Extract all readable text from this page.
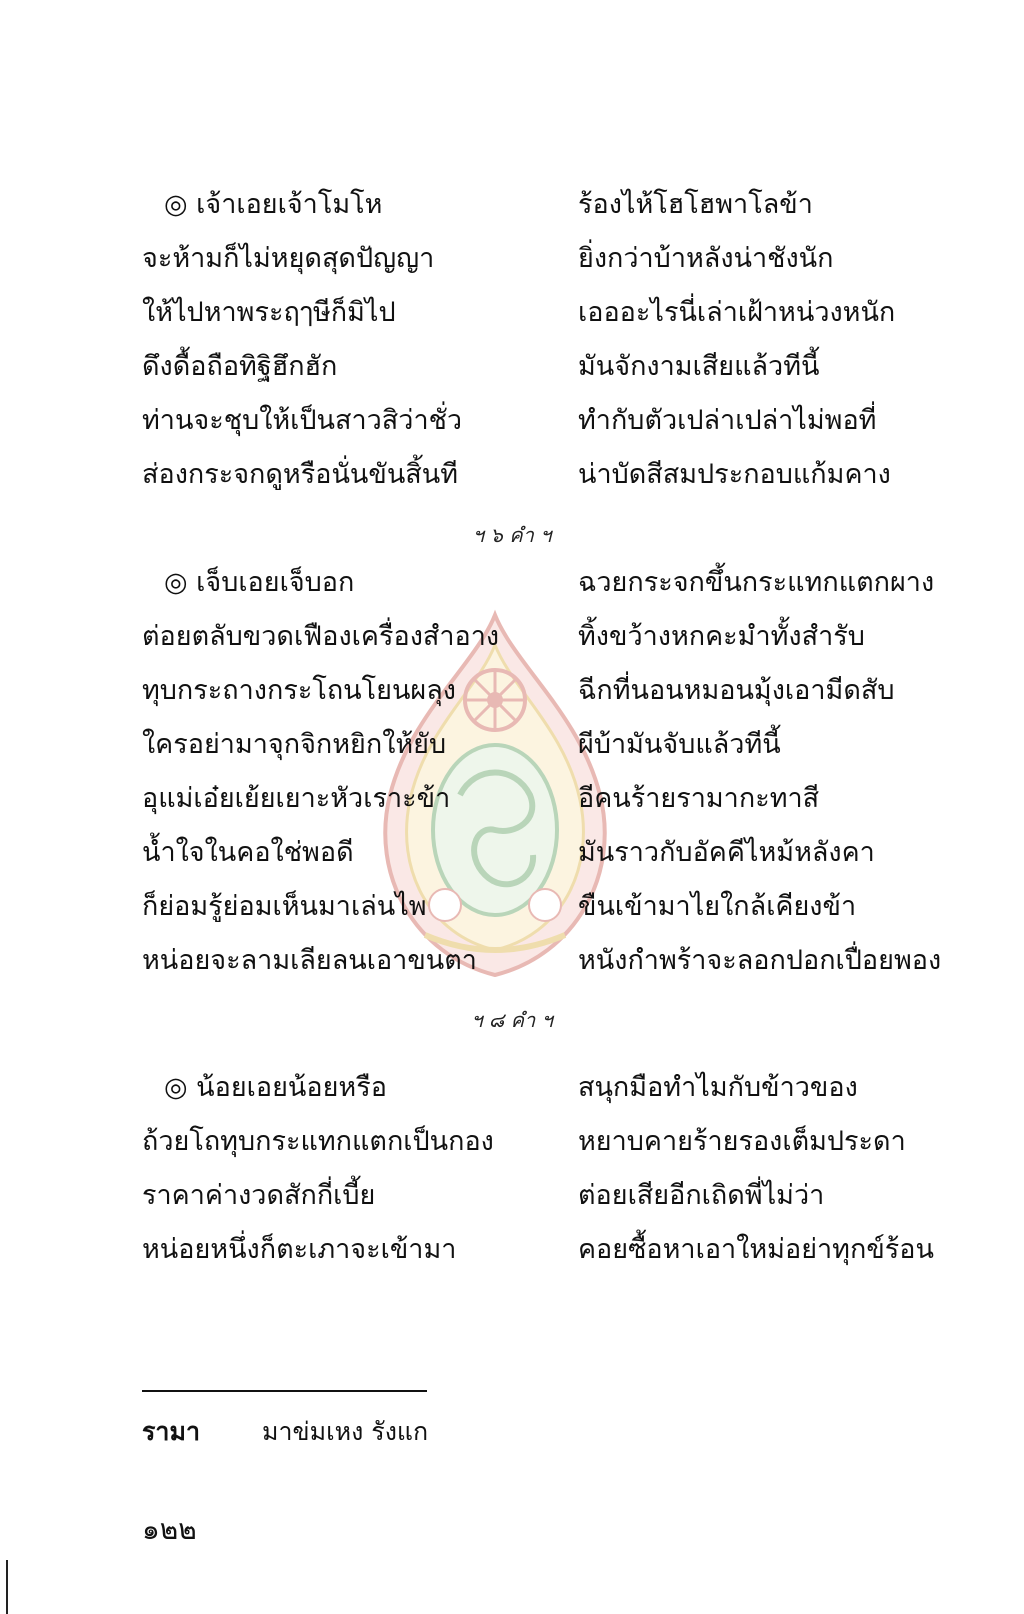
◎ เจ้าเอยเจ้าโมโห	ร้องไห้โฮโฮพาโลข้า
จะห้ามก็ไม่หยุดสุดปัญญา	ยิ่งกว่าบ้าหลังน่าชังนัก
ให้ไปหาพระฤๅษีก็มิไป	เอออะไรนี่เล่าเฝ้าหน่วงหนัก
ดึงดื้อถือทิฐิฮึกฮัก	มันจักงามเสียแล้วทีนี้
ท่านจะชุบให้เป็นสาวสิว่าชั่ว	ทำกับตัวเปล่าเปล่าไม่พอที่
ส่องกระจกดูหรือนั่นขันสิ้นที	น่าบัดสีสมประกอบแก้มคาง
ฯ ๖ คำ ฯ
◎ เจ็บเอยเจ็บอก	ฉวยกระจกขึ้นกระแทกแตกผาง
ต่อยตลับขวดเฟืองเครื่องสำอาง	ทิ้งขว้างหกคะมำทั้งสำรับ
ทุบกระถางกระโถนโยนผลุง	ฉีกที่นอนหมอนมุ้งเอามีดสับ
ใครอย่ามาจุกจิกหยิกให้ยับ	ผีบ้ามันจับแล้วทีนี้
อุแม่เอ๋ยเย้ยเยาะหัวเราะข้า	อีคนร้ายรามากะทาสี
น้ำใจในคอใช่พอดี	มันราวกับอัคคีไหม้หลังคา
ก็ย่อมรู้ย่อมเห็นมาเล่นไพ	ขืนเข้ามาไยใกล้เคียงข้า
หน่อยจะลามเลียลนเอาขนตา	หนังกำพร้าจะลอกปอกเปื่อยพอง
ฯ ๘ คำ ฯ
◎ น้อยเอยน้อยหรือ	สนุกมือทำไมกับข้าวของ
ถ้วยโถทุบกระแทกแตกเป็นกอง	หยาบคายร้ายรองเต็มประดา
ราคาค่างวดสักกี่เบี้ย	ต่อยเสียอีกเถิดพี่ไม่ว่า
หน่อยหนึ่งก็ตะเภาจะเข้ามา	คอยซื้อหาเอาใหม่อย่าทุกข์ร้อน
รามา มาข่มเหง รังแก
๑๒๒
